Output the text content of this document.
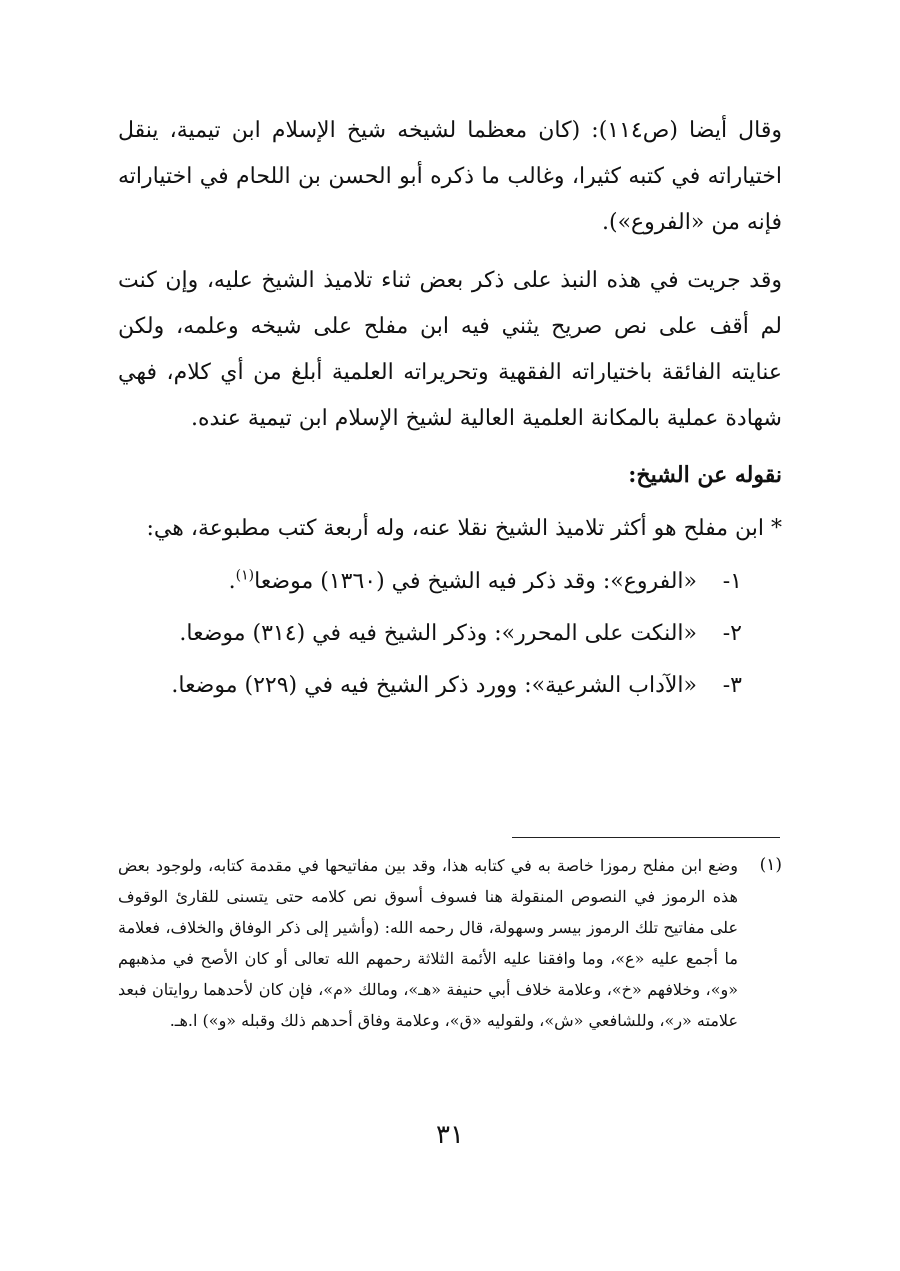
وقال أيضا (ص١١٤): (كان معظما لشيخه شيخ الإسلام ابن تيمية، ينقل اختياراته في كتبه كثيرا، وغالب ما ذكره أبو الحسن بن اللحام في اختياراته فإنه من «الفروع»).

وقد جريت في هذه النبذ على ذكر بعض ثناء تلاميذ الشيخ عليه، وإن كنت لم أقف على نص صريح يثني فيه ابن مفلح على شيخه وعلمه، ولكن عنايته الفائقة باختياراته الفقهية وتحريراته العلمية أبلغ من أي كلام، فهي شهادة عملية بالمكانة العلمية العالية لشيخ الإسلام ابن تيمية عنده.

نقوله عن الشيخ:

* ابن مفلح هو أكثر تلاميذ الشيخ نقلا عنه، وله أربعة كتب مطبوعة، هي:

١- «الفروع»: وقد ذكر فيه الشيخ في (١٣٦٠) موضعا$^{(١)}$.
٢- «النكت على المحرر»: وذكر الشيخ فيه في (٣١٤) موضعا.
٣- «الآداب الشرعية»: وورد ذكر الشيخ فيه في (٢٢٩) موضعا.
(١)

وضع ابن مفلح رموزا خاصة به في كتابه هذا، وقد بين مفاتيحها في مقدمة كتابه، ولوجود بعض هذه الرموز في النصوص المنقولة هنا فسوف أسوق نص كلامه حتى يتسنى للقارئ الوقوف على مفاتيح تلك الرموز بيسر وسهولة، قال رحمه الله: (وأشير إلى ذكر الوفاق والخلاف، فعلامة ما أجمع عليه «ع»، وما وافقنا عليه الأئمة الثلاثة رحمهم الله تعالى أو كان الأصح في مذهبهم «و»، وخلافهم «خ»، وعلامة خلاف أبي حنيفة «هـ»، ومالك «م»، فإن كان لأحدهما روايتان فبعد علامته «ر»، وللشافعي «ش»، ولقوليه «ق»، وعلامة وفاق أحدهم ذلك وقبله «و») ا.هـ.

٣١
